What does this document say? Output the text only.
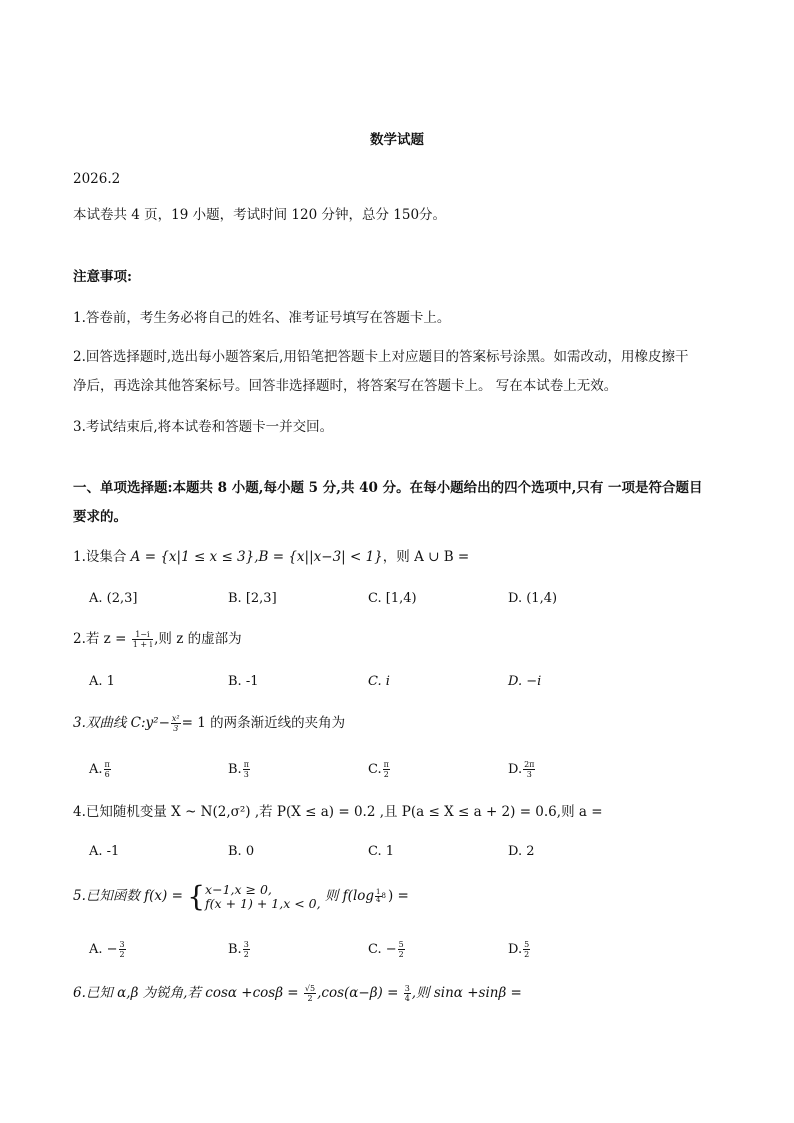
数学试题
2026.2
本试卷共 4 页，19 小题，考试时间 120 分钟，总分 150分。
注意事项:
1.答卷前，考生务必将自己的姓名、准考证号填写在答题卡上。
2.回答选择题时,选出每小题答案后,用铅笔把答题卡上对应题目的答案标号涂黑。如需改动，用橡皮擦干
净后，再选涂其他答案标号。回答非选择题时，将答案写在答题卡上。 写在本试卷上无效。
3.考试结束后,将本试卷和答题卡一并交回。
一、单项选择题:本题共 8 小题,每小题 5 分,共 40 分。在每小题给出的四个选项中,只有 一项是符合题目
要求的。
1.设集合 A = {x|1 ≤ x ≤ 3},B = {x||x−3| < 1}，则 A ∪ B =
A. (2,3]	B. [2,3]	C. [1,4)	D. (1,4)
2.若 $z = \frac{1-i}{1 + i}$ ,则 z 的虚部为
A. 1	B. -1	C. i	D. −i
3.双曲线 C:y²− $\frac{\text{x²}}{3} = 1$ 的两条渐近线的夹角为
A. $\frac{\pi}{6}$	B. $\frac{\pi}{3}$	C. $\frac{\pi}{2}$	D. $\frac{2\pi}{3}$
4.已知随机变量 X ~ N(2,σ²) ,若 P(X ≤ a) = 0.2 ,且 P(a ≤ X ≤ a + 2) = 0.6,则 a =
A. -1	B. 0	C. 1	D. 2
5.已知函数 f(x) = { x−1,x ≥ 0,
f(x + 1) + 1,x < 0, 则 $f(\log \frac{1}{4} 8$ ) =
A. − $\frac{3}{2}$	B. $\frac{3}{2}$	C. − $\frac{5}{2}$	D. $\frac{5}{2}$
6.已知 α,β 为锐角,若 $\cos\alpha +\cos\beta = \frac{√5}{2} ,\cos(\alpha-\beta) = \frac{3}{4}$ ,则 sinα +sinβ =
